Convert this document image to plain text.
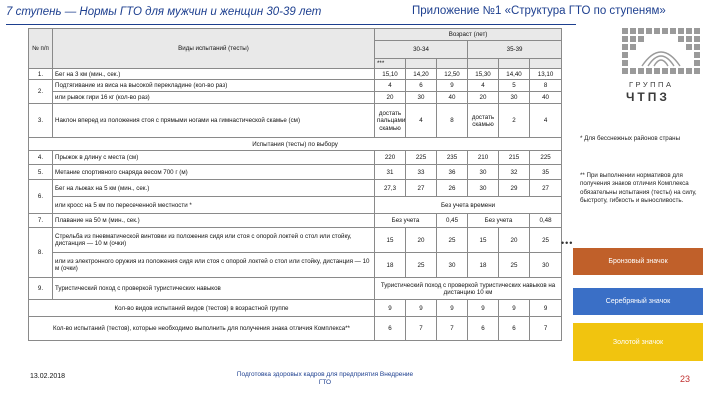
7 ступень — Нормы ГТО для мужчин и женщин 30-39 лет	Приложение №1 «Структура ГТО по ступеням»
№ п/п	Виды испытаний (тесты)	Возраст (лет)					
		30-34			35-39		
		***					
1.	Бег на 3 км (мин., сек.)	15,10	14,20	12,50	15,30	14,40	13,10
2.	Подтягивание из виса на высокой перекладине (кол-во раз)	4	6	9	4	5	8
	или рывок гири 16 кг (кол-во раз)	20	30	40	20	30	40
3.	Наклон вперед из положения стоя с прямыми ногами на гимнастической скамье (см)	достать пальцами скамью	4	8	достать скамью	2	4
Испытания (тесты) по выбору							
4.	Прыжок в длину с места (см)	220	225	235	210	215	225
5.	Метание спортивного снаряда весом 700 г (м)	31	33	36	30	32	35
6.	Бег на лыжах на 5 км (мин., сек.)	27,3	27	26	30	29	27
	или кросс на 5 км по пересеченной местности *	Без учета времени					
7.	Плавание на 50 м (мин., сек.)	Без учета		0,45	Без учета		0,48
8.	Стрельба из пневматической винтовки из положения сидя или стоя с опорой локтей о стол или стойку, дистанция — 10 м (очки)	15	20	25	15	20	25
	или из электронного оружия из положения сидя или стоя с опорой локтей о стол или стойку, дистанция — 10 м (очки)	18	25	30	18	25	30
9.	Туристический поход с проверкой туристических навыков	Туристический поход с проверкой туристических навыков на дистанцию 10 км					
Кол-во видов испытаний видов (тестов) в возрастной группе		9	9	9	9	9	9
Кол-во испытаний (тестов), которые необходимо выполнить для получения знака отличия Комплекса**		6	7	7	6	6	7
ГРУППА
ЧТПЗ
* Для бесснежных районов страны
** При выполнении нормативов для получения знаков отличия Комплекса обязательны испытания (тесты) на силу, быстроту, гибкость и выносливость.
•••
Бронзовый значок
Серебряный значок
Золотой значок
13.02.2018	Подготовка здоровых кадров для предприятия Внедрение ГТО	23
